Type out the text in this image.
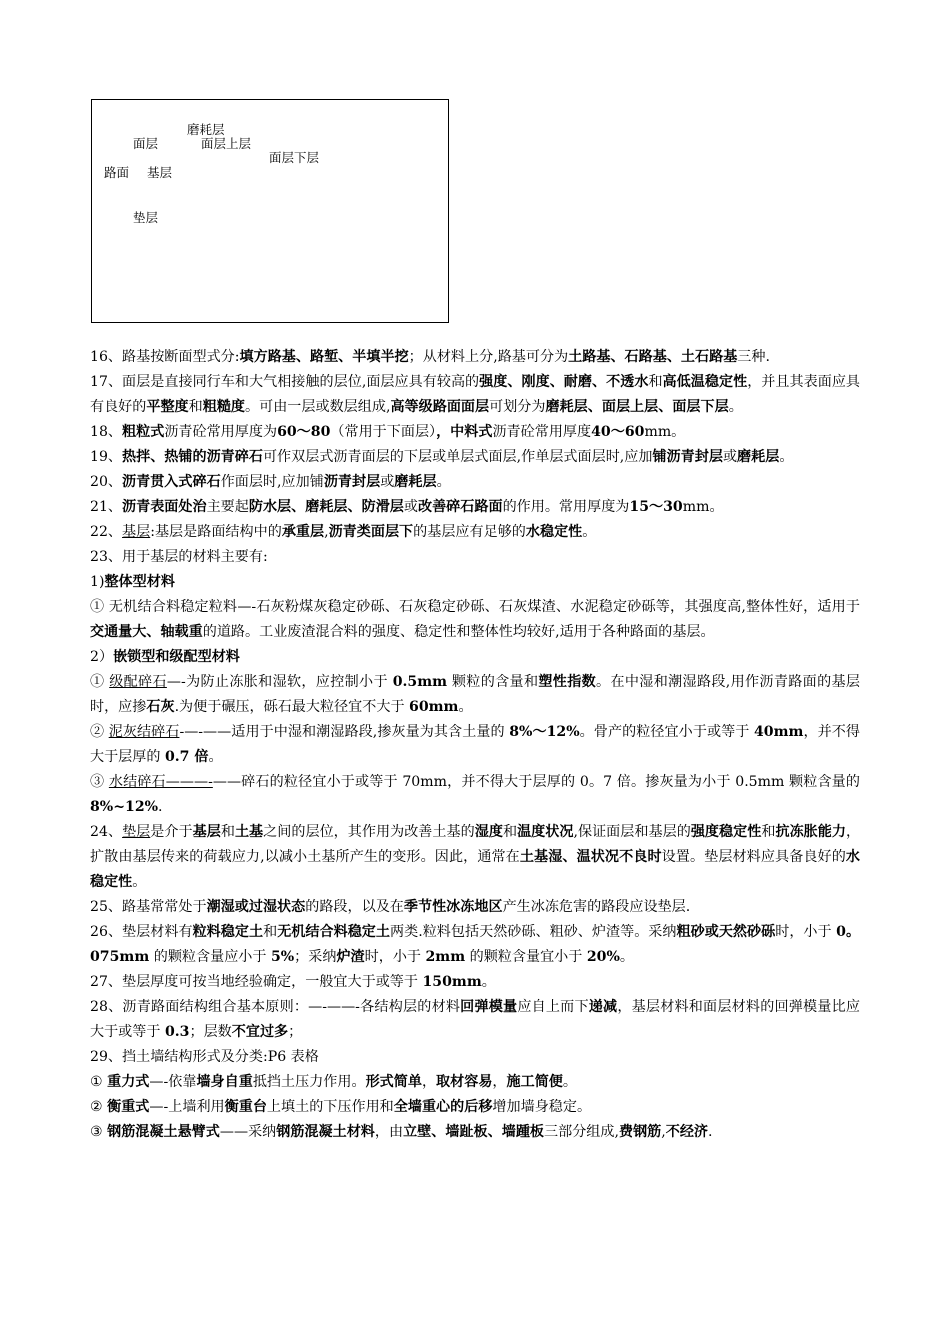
磨耗层
面层	面层上层
面层下层
路面 基层
垫层

16、路基按断面型式分:填方路基、路堑、半填半挖；从材料上分,路基可分为土路基、石路基、土石路基三种.

17、面层是直接同行车和大气相接触的层位,面层应具有较高的强度、刚度、耐磨、不透水和高低温稳定性，并且其表面应具有良好的平整度和粗糙度。可由一层或数层组成,高等级路面面层可划分为磨耗层、面层上层、面层下层。

18、粗粒式沥青砼常用厚度为60～80（常用于下面层），中料式沥青砼常用厚度40～60mm。

19、热拌、热铺的沥青碎石可作双层式沥青面层的下层或单层式面层,作单层式面层时,应加铺沥青封层或磨耗层。

20、沥青贯入式碎石作面层时,应加铺沥青封层或磨耗层。

21、沥青表面处治主要起防水层、磨耗层、防滑层或改善碎石路面的作用。常用厚度为15～30mm。

22、基层:基层是路面结构中的承重层,沥青类面层下的基层应有足够的水稳定性。

23、用于基层的材料主要有:

1)整体型材料

① 无机结合料稳定粒料—-石灰粉煤灰稳定砂砾、石灰稳定砂砾、石灰煤渣、水泥稳定砂砾等，其强度高,整体性好，适用于交通量大、轴载重的道路。工业废渣混合料的强度、稳定性和整体性均较好,适用于各种路面的基层。

2）嵌锁型和级配型材料

① 级配碎石—-为防止冻胀和湿软，应控制小于 0.5mm 颗粒的含量和塑性指数。在中湿和潮湿路段,用作沥青路面的基层时，应掺石灰.为便于碾压，砾石最大粒径宜不大于 60mm。

② 泥灰结碎石-—-——适用于中湿和潮湿路段,掺灰量为其含土量的 8%～12%。骨产的粒径宜小于或等于 40mm，并不得大于层厚的 0.7 倍。

③ 水结碎石———-——碎石的粒径宜小于或等于 70mm，并不得大于层厚的 0。7 倍。掺灰量为小于 0.5mm 颗粒含量的 8%~12%.

24、垫层是介于基层和土基之间的层位，其作用为改善土基的湿度和温度状况,保证面层和基层的强度稳定性和抗冻胀能力，扩散由基层传来的荷载应力,以减小土基所产生的变形。因此，通常在土基湿、温状况不良时设置。垫层材料应具备良好的水稳定性。

25、路基常常处于潮湿或过湿状态的路段，以及在季节性冰冻地区产生冰冻危害的路段应设垫层.

26、垫层材料有粒料稳定土和无机结合料稳定土两类.粒料包括天然砂砾、粗砂、炉渣等。采纳粗砂或天然砂砾时，小于 0。075mm 的颗粒含量应小于 5%；采纳炉渣时，小于 2mm 的颗粒含量宜小于 20%。

27、垫层厚度可按当地经验确定，一般宜大于或等于 150mm。

28、沥青路面结构组合基本原则：—-——-各结构层的材料回弹模量应自上而下递减，基层材料和面层材料的回弹模量比应大于或等于 0.3；层数不宜过多；

29、挡土墙结构形式及分类:P6 表格

① 重力式—-依靠墙身自重抵挡土压力作用。形式简单，取材容易，施工简便。

② 衡重式—-上墙利用衡重台上填土的下压作用和全墙重心的后移增加墙身稳定。

③ 钢筋混凝土悬臂式——采纳钢筋混凝土材料，由立壁、墙趾板、墙踵板三部分组成,费钢筋,不经济.
